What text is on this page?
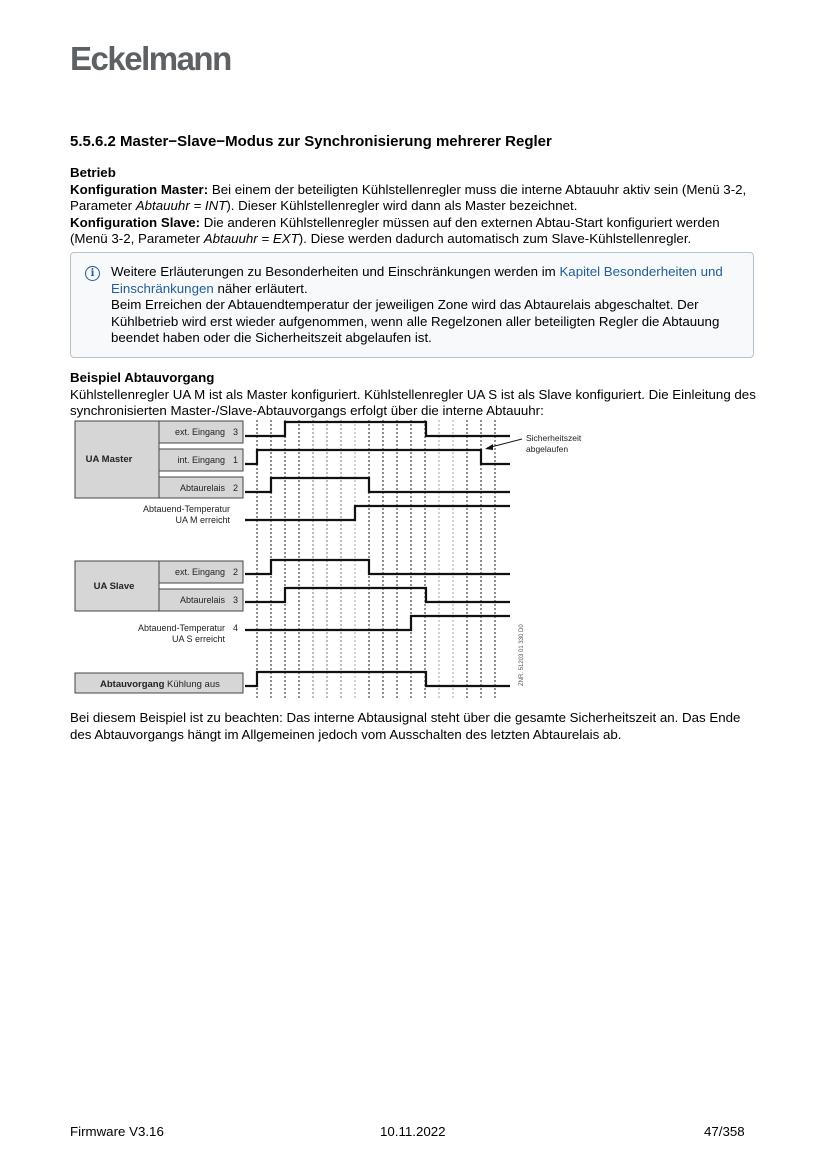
Eckelmann
5.5.6.2 Master−Slave−Modus zur Synchronisierung mehrerer Regler
Betrieb
Konfiguration Master: Bei einem der beteiligten Kühlstellenregler muss die interne Abtauuhr aktiv sein (Menü 3-2, Parameter Abtauuhr = INT). Dieser Kühlstellenregler wird dann als Master bezeichnet.
Konfiguration Slave: Die anderen Kühlstellenregler müssen auf den externen Abtau-Start konfiguriert werden (Menü 3-2, Parameter Abtauuhr = EXT). Diese werden dadurch automatisch zum Slave-Kühlstellenregler.
i	Weitere Erläuterungen zu Besonderheiten und Einschränkungen werden im Kapitel Besonderheiten und Einschränkungen näher erläutert.
Beim Erreichen der Abtauendtemperatur der jeweiligen Zone wird das Abtaurelais abgeschaltet. Der Kühlbetrieb wird erst wieder aufgenommen, wenn alle Regelzonen aller beteiligten Regler die Abtauung beendet haben oder die Sicherheitszeit abgelaufen ist.
Beispiel Abtauvorgang
Kühlstellenregler UA M ist als Master konfiguriert. Kühlstellenregler UA S ist als Slave konfiguriert. Die Einleitung des synchronisierten Master-/Slave-Abtauvorgangs erfolgt über die interne Abtauuhr:
UA Master
ext. Eingang 3
int. Eingang 1
Abtaurelais 2
Abtauend-Temperatur
UA M erreicht
UA Slave
ext. Eingang 2
Abtaurelais 3
Abtauend-Temperatur 4
UA S erreicht
Abtauvorgang Kühlung aus
Sicherheitszeit
abgelaufen
ZNR. 51203 01 330 D0
Bei diesem Beispiel ist zu beachten: Das interne Abtausignal steht über die gesamte Sicherheitszeit an. Das Ende des Abtauvorgangs hängt im Allgemeinen jedoch vom Ausschalten des letzten Abtaurelais ab.
Firmware V3.16	10.11.2022	47/358
